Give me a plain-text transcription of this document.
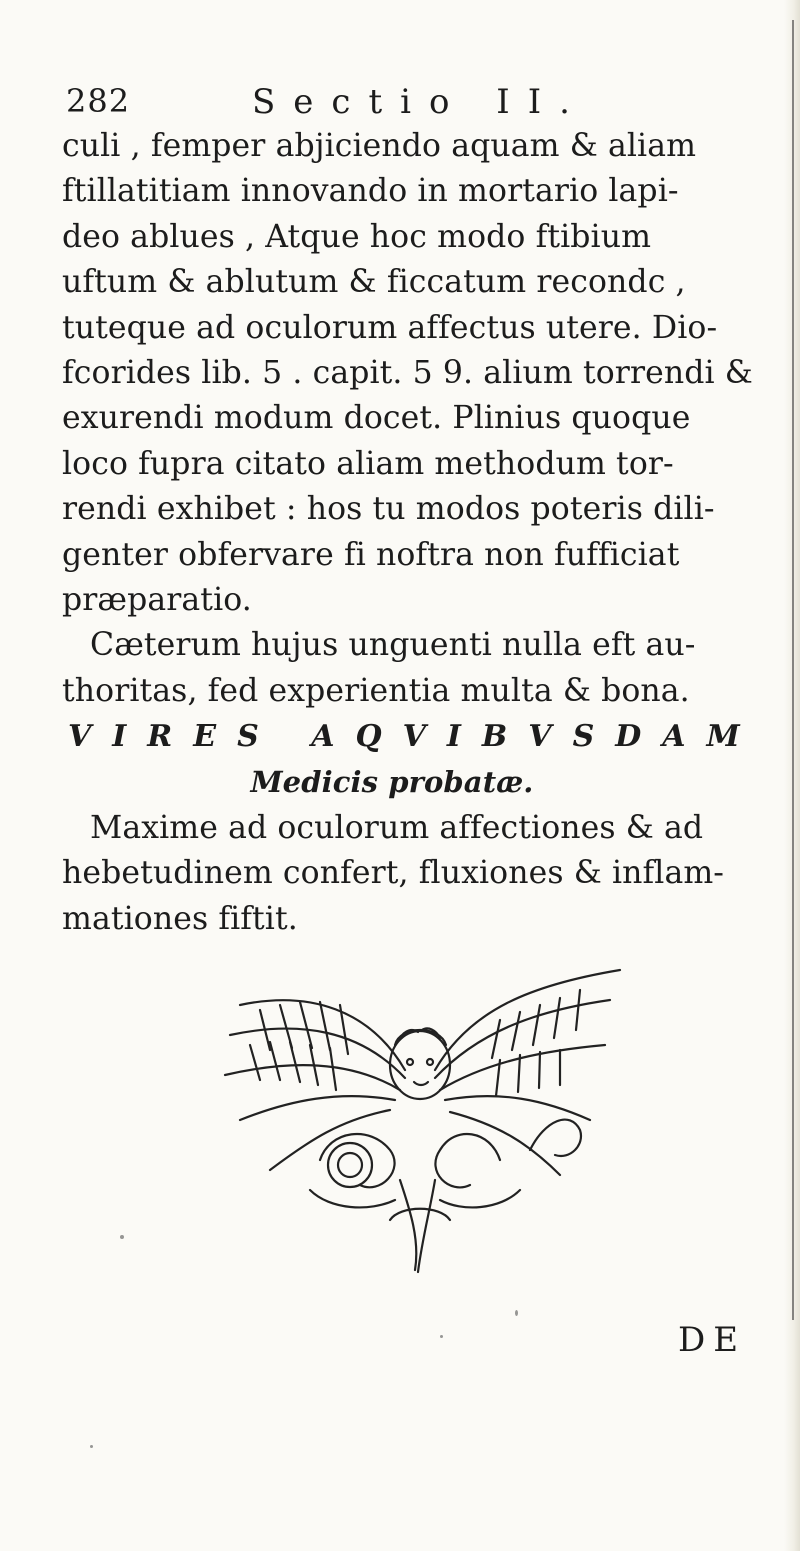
282	Sectio II.
culi , femper abjiciendo aquam & aliam
ftillatitiam innovando in mortario lapi-
deo ablues , Atque hoc modo ftibium
uftum & ablutum & ficcatum recondc ,
tuteque ad oculorum affectus utere. Dio-
fcorides lib. 5 . capit. 5 9. alium torrendi &
exurendi modum docet. Plinius quoque
loco fupra citato aliam methodum tor-
rendi exhibet : hos tu modos poteris dili-
genter obfervare fi noftra non fufficiat
præparatio.
Cæterum hujus unguenti nulla eft au-
thoritas, fed experientia multa & bona.
VIRES AQVIBVSDAM
Medicis probatæ.
Maxime ad oculorum affectiones & ad
hebetudinem confert, fluxiones & inflam-
mationes fiftit.
DE
